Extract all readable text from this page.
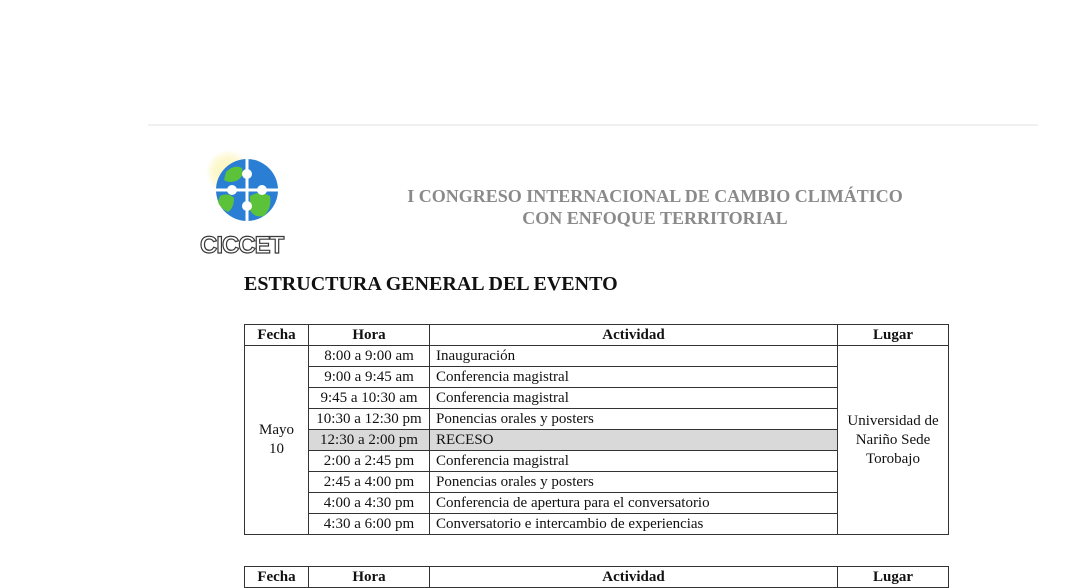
CICCET
I CONGRESO INTERNACIONAL DE CAMBIO CLIMÁTICO
CON ENFOQUE TERRITORIAL
ESTRUCTURA GENERAL DEL EVENTO
Fecha	Hora	Actividad	Lugar
Mayo 10	8:00 a 9:00 am	Inauguración	Universidad de Nariño Sede Torobajo
	9:00 a 9:45 am	Conferencia magistral	
	9:45 a 10:30 am	Conferencia magistral	
	10:30 a 12:30 pm	Ponencias orales y posters	
	12:30 a 2:00 pm	RECESO	
	2:00 a 2:45 pm	Conferencia magistral	
	2:45 a 4:00 pm	Ponencias orales y posters	
	4:00 a 4:30 pm	Conferencia de apertura para el conversatorio	
	4:30 a 6:00 pm	Conversatorio e intercambio de experiencias	
Fecha	Hora	Actividad	Lugar
